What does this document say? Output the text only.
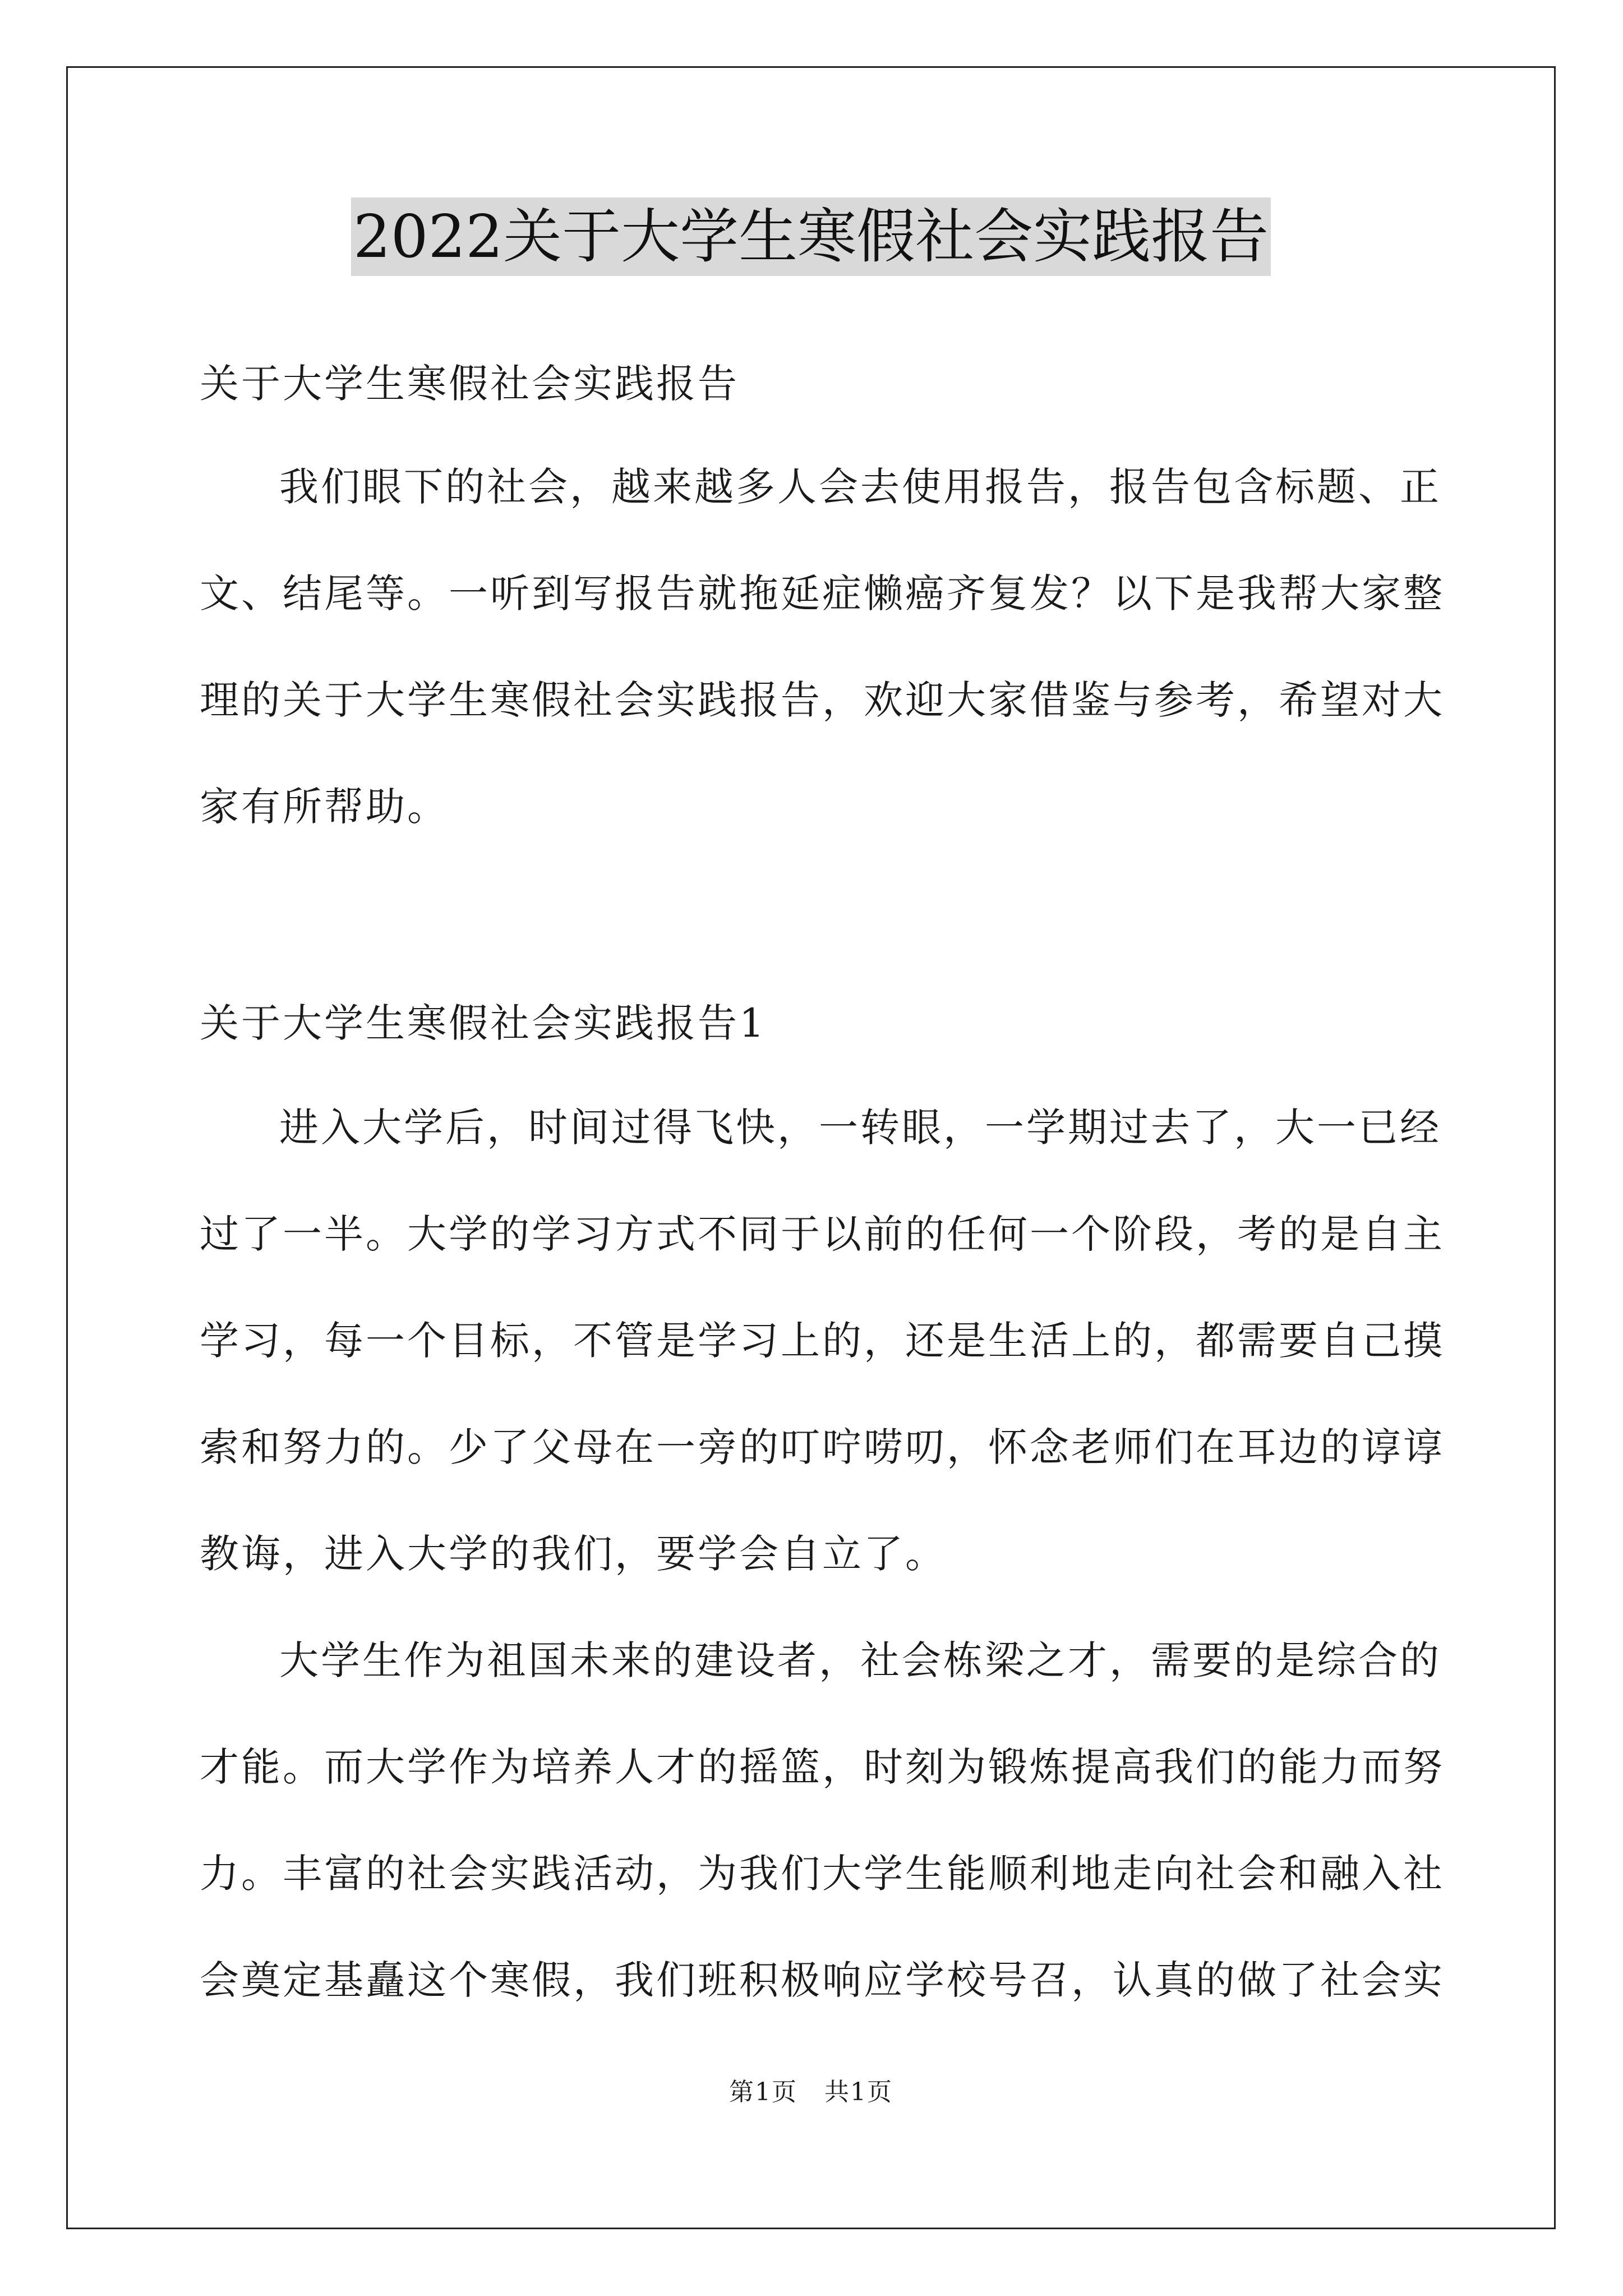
2022关于大学生寒假社会实践报告
关于大学生寒假社会实践报告
我们眼下的社会，越来越多人会去使用报告，报告包含标题、正
文、结尾等。一听到写报告就拖延症懒癌齐复发？以下是我帮大家整
理的关于大学生寒假社会实践报告，欢迎大家借鉴与参考，希望对大
家有所帮助。
关于大学生寒假社会实践报告1
进入大学后，时间过得飞快，一转眼，一学期过去了，大一已经
过了一半。大学的学习方式不同于以前的任何一个阶段，考的是自主
学习，每一个目标，不管是学习上的，还是生活上的，都需要自己摸
索和努力的。少了父母在一旁的叮咛唠叨，怀念老师们在耳边的谆谆
教诲，进入大学的我们，要学会自立了。
大学生作为祖国未来的建设者，社会栋梁之才，需要的是综合的
才能。而大学作为培养人才的摇篮，时刻为锻炼提高我们的能力而努
力。丰富的社会实践活动，为我们大学生能顺利地走向社会和融入社
会奠定基矗这个寒假，我们班积极响应学校号召，认真的做了社会实
第1页   共1页
